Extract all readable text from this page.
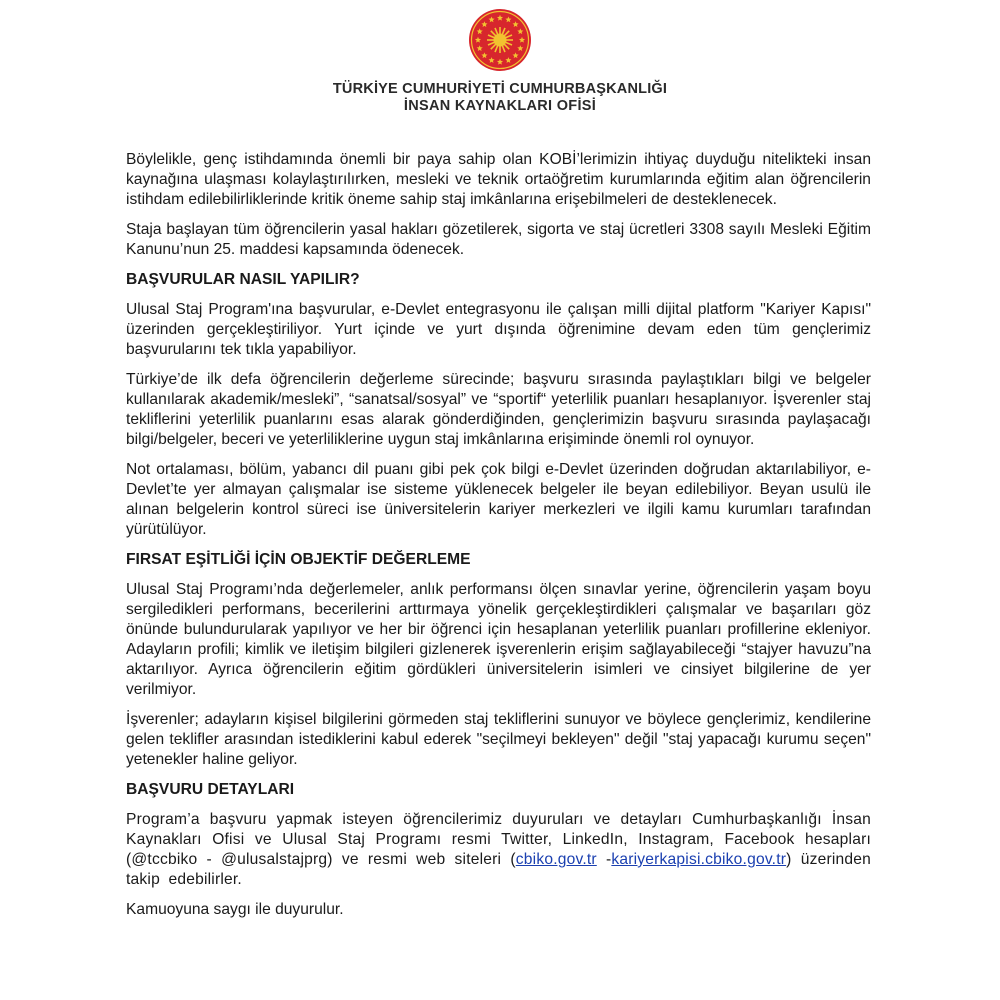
TÜRKİYE CUMHURİYETİ CUMHURBAŞKANLIĞI
İNSAN KAYNAKLARI OFİSİ

Böylelikle, genç istihdamında önemli bir paya sahip olan KOBİ’lerimizin ihtiyaç duyduğu nitelikteki insan kaynağına ulaşması kolaylaştırılırken, mesleki ve teknik ortaöğretim kurumlarında eğitim alan öğrencilerin istihdam edilebilirliklerinde kritik öneme sahip staj imkânlarına erişebilmeleri de desteklenecek.

Staja başlayan tüm öğrencilerin yasal hakları gözetilerek, sigorta ve staj ücretleri 3308 sayılı Mesleki Eğitim Kanunu’nun 25. maddesi kapsamında ödenecek.

BAŞVURULAR NASIL YAPILIR?

Ulusal Staj Program'ına başvurular, e-Devlet entegrasyonu ile çalışan milli dijital platform "Kariyer Kapısı" üzerinden gerçekleştiriliyor. Yurt içinde ve yurt dışında öğrenimine devam eden tüm gençlerimiz başvurularını tek tıkla yapabiliyor.

Türkiye’de ilk defa öğrencilerin değerleme sürecinde; başvuru sırasında paylaştıkları bilgi ve belgeler kullanılarak akademik/mesleki”, “sanatsal/sosyal” ve “sportif“ yeterlilik puanları hesaplanıyor. İşverenler staj tekliflerini yeterlilik puanlarını esas alarak gönderdiğinden, gençlerimizin başvuru sırasında paylaşacağı bilgi/belgeler, beceri ve yeterliliklerine uygun staj imkânlarına erişiminde önemli rol oynuyor.

Not ortalaması, bölüm, yabancı dil puanı gibi pek çok bilgi e-Devlet üzerinden doğrudan aktarılabiliyor, e-Devlet’te yer almayan çalışmalar ise sisteme yüklenecek belgeler ile beyan edilebiliyor. Beyan usulü ile alınan belgelerin kontrol süreci ise üniversitelerin kariyer merkezleri ve ilgili kamu kurumları tarafından yürütülüyor.

FIRSAT EŞİTLİĞİ İÇİN OBJEKTİF DEĞERLEME

Ulusal Staj Programı’nda değerlemeler, anlık performansı ölçen sınavlar yerine, öğrencilerin yaşam boyu sergiledikleri performans, becerilerini arttırmaya yönelik gerçekleştirdikleri çalışmalar ve başarıları göz önünde bulundurularak yapılıyor ve her bir öğrenci için hesaplanan yeterlilik puanları profillerine ekleniyor. Adayların profili; kimlik ve iletişim bilgileri gizlenerek işverenlerin erişim sağlayabileceği “stajyer havuzu”na aktarılıyor. Ayrıca öğrencilerin eğitim gördükleri üniversitelerin isimleri ve cinsiyet bilgilerine de yer verilmiyor.

İşverenler; adayların kişisel bilgilerini görmeden staj tekliflerini sunuyor ve böylece gençlerimiz, kendilerine gelen teklifler arasından istediklerini kabul ederek "seçilmeyi bekleyen" değil "staj yapacağı kurumu seçen" yetenekler haline geliyor.

BAŞVURU DETAYLARI

Program’a başvuru yapmak isteyen öğrencilerimiz duyuruları ve detayları Cumhurbaşkanlığı İnsan Kaynakları Ofisi ve Ulusal Staj Programı resmi Twitter, LinkedIn, Instagram, Facebook hesapları (@tccbiko - @ulusalstajprg) ve resmi web siteleri (cbiko.gov.tr -kariyerkapisi.cbiko.gov.tr) üzerinden takip edebilirler.

Kamuoyuna saygı ile duyurulur.
